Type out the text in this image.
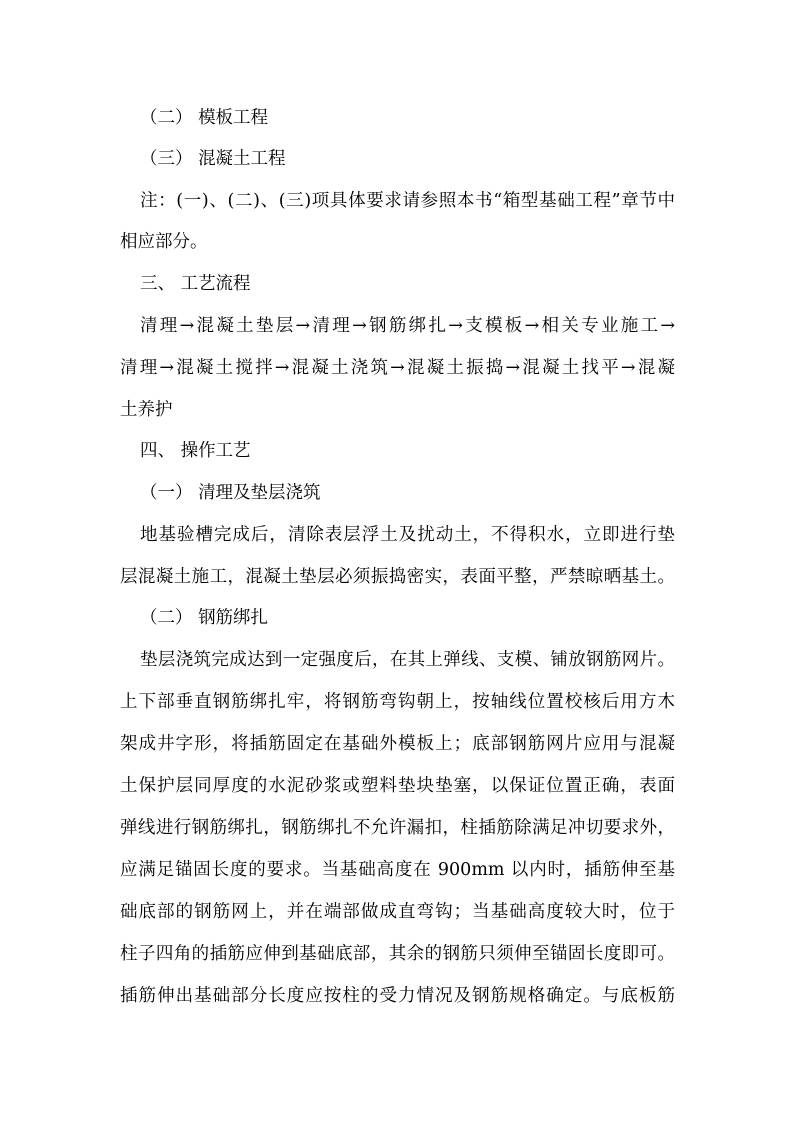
（二） 模板工程
（三） 混凝土工程
注：(一)、(二)、(三)项具体要求请参照本书“箱型基础工程”章节中
相应部分。
三、 工艺流程
清理→混凝土垫层→清理→钢筋绑扎→支模板→相关专业施工→
清理→混凝土搅拌→混凝土浇筑→混凝土振捣→混凝土找平→混凝
土养护
四、 操作工艺
（一） 清理及垫层浇筑
地基验槽完成后，清除表层浮土及扰动土，不得积水，立即进行垫
层混凝土施工，混凝土垫层必须振捣密实，表面平整，严禁晾晒基土。
（二） 钢筋绑扎
垫层浇筑完成达到一定强度后，在其上弹线、支模、铺放钢筋网片。
上下部垂直钢筋绑扎牢，将钢筋弯钩朝上，按轴线位置校核后用方木
架成井字形，将插筋固定在基础外模板上；底部钢筋网片应用与混凝
土保护层同厚度的水泥砂浆或塑料垫块垫塞，以保证位置正确，表面
弹线进行钢筋绑扎，钢筋绑扎不允许漏扣，柱插筋除满足冲切要求外，
应满足锚固长度的要求。当基础高度在 900mm 以内时，插筋伸至基
础底部的钢筋网上，并在端部做成直弯钩；当基础高度较大时，位于
柱子四角的插筋应伸到基础底部，其余的钢筋只须伸至锚固长度即可。
插筋伸出基础部分长度应按柱的受力情况及钢筋规格确定。与底板筋
